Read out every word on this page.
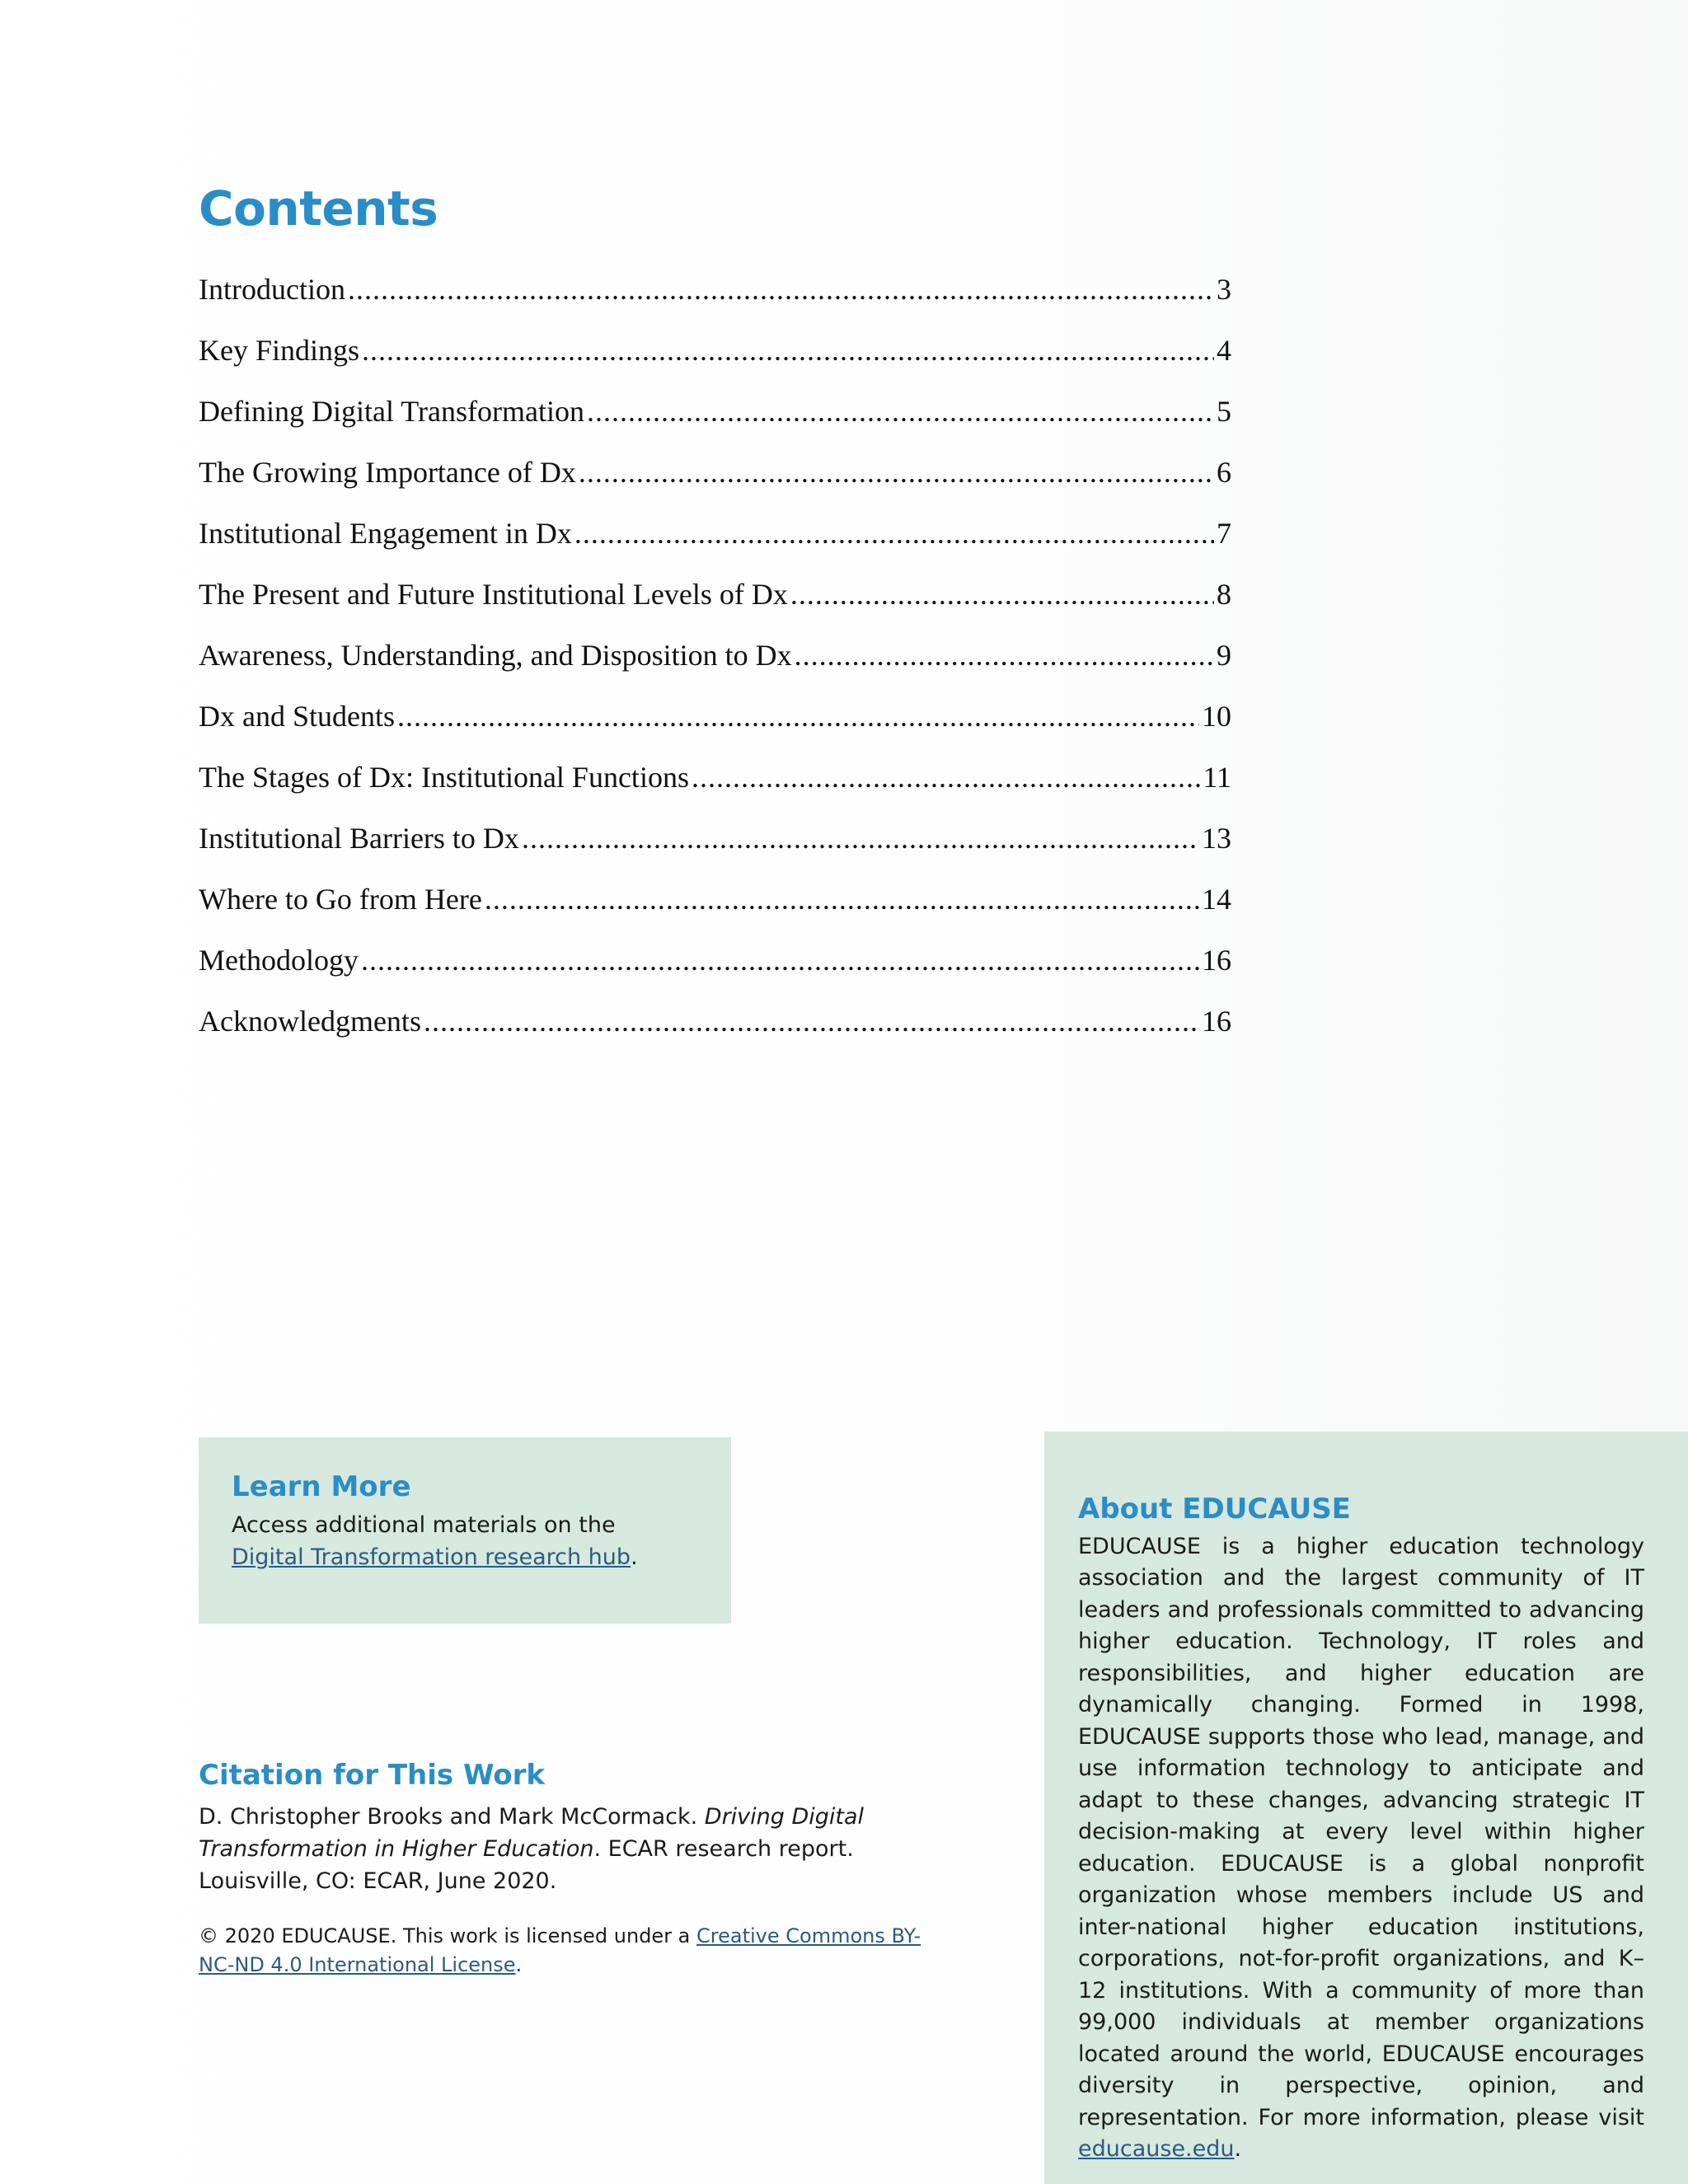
Contents
Introduction .....	3
Key Findings .....	4
Defining Digital Transformation .....	5
The Growing Importance of Dx .....	6
Institutional Engagement in Dx .....	7
The Present and Future Institutional Levels of Dx .....	8
Awareness, Understanding, and Disposition to Dx .....	9
Dx and Students .....	10
The Stages of Dx: Institutional Functions .....	11
Institutional Barriers to Dx .....	13
Where to Go from Here .....	14
Methodology .....	16
Acknowledgments .....	16
Learn More

Access additional materials on the
Digital Transformation research hub.

Citation for This Work

D. Christopher Brooks and Mark McCormack. Driving Digital Transformation in Higher Education. ECAR research report. Louisville, CO: ECAR, June 2020.

© 2020 EDUCAUSE. This work is licensed under a Creative Commons BY-NC-ND 4.0 International License.

About EDUCAUSE

EDUCAUSE is a higher education technology association and the largest community of IT leaders and professionals committed to advancing higher education. Technology, IT roles and responsibilities, and higher education are dynamically changing. Formed in 1998, EDUCAUSE supports those who lead, manage, and use information technology to anticipate and adapt to these changes, advancing strategic IT decision-making at every level within higher education. EDUCAUSE is a global nonprofit organization whose members include US and inter-national higher education institutions, corporations, not-for-profit organizations, and K–12 institutions. With a community of more than 99,000 individuals at member organizations located around the world, EDUCAUSE encourages diversity in perspective, opinion, and representation. For more information, please visit educause.edu.
